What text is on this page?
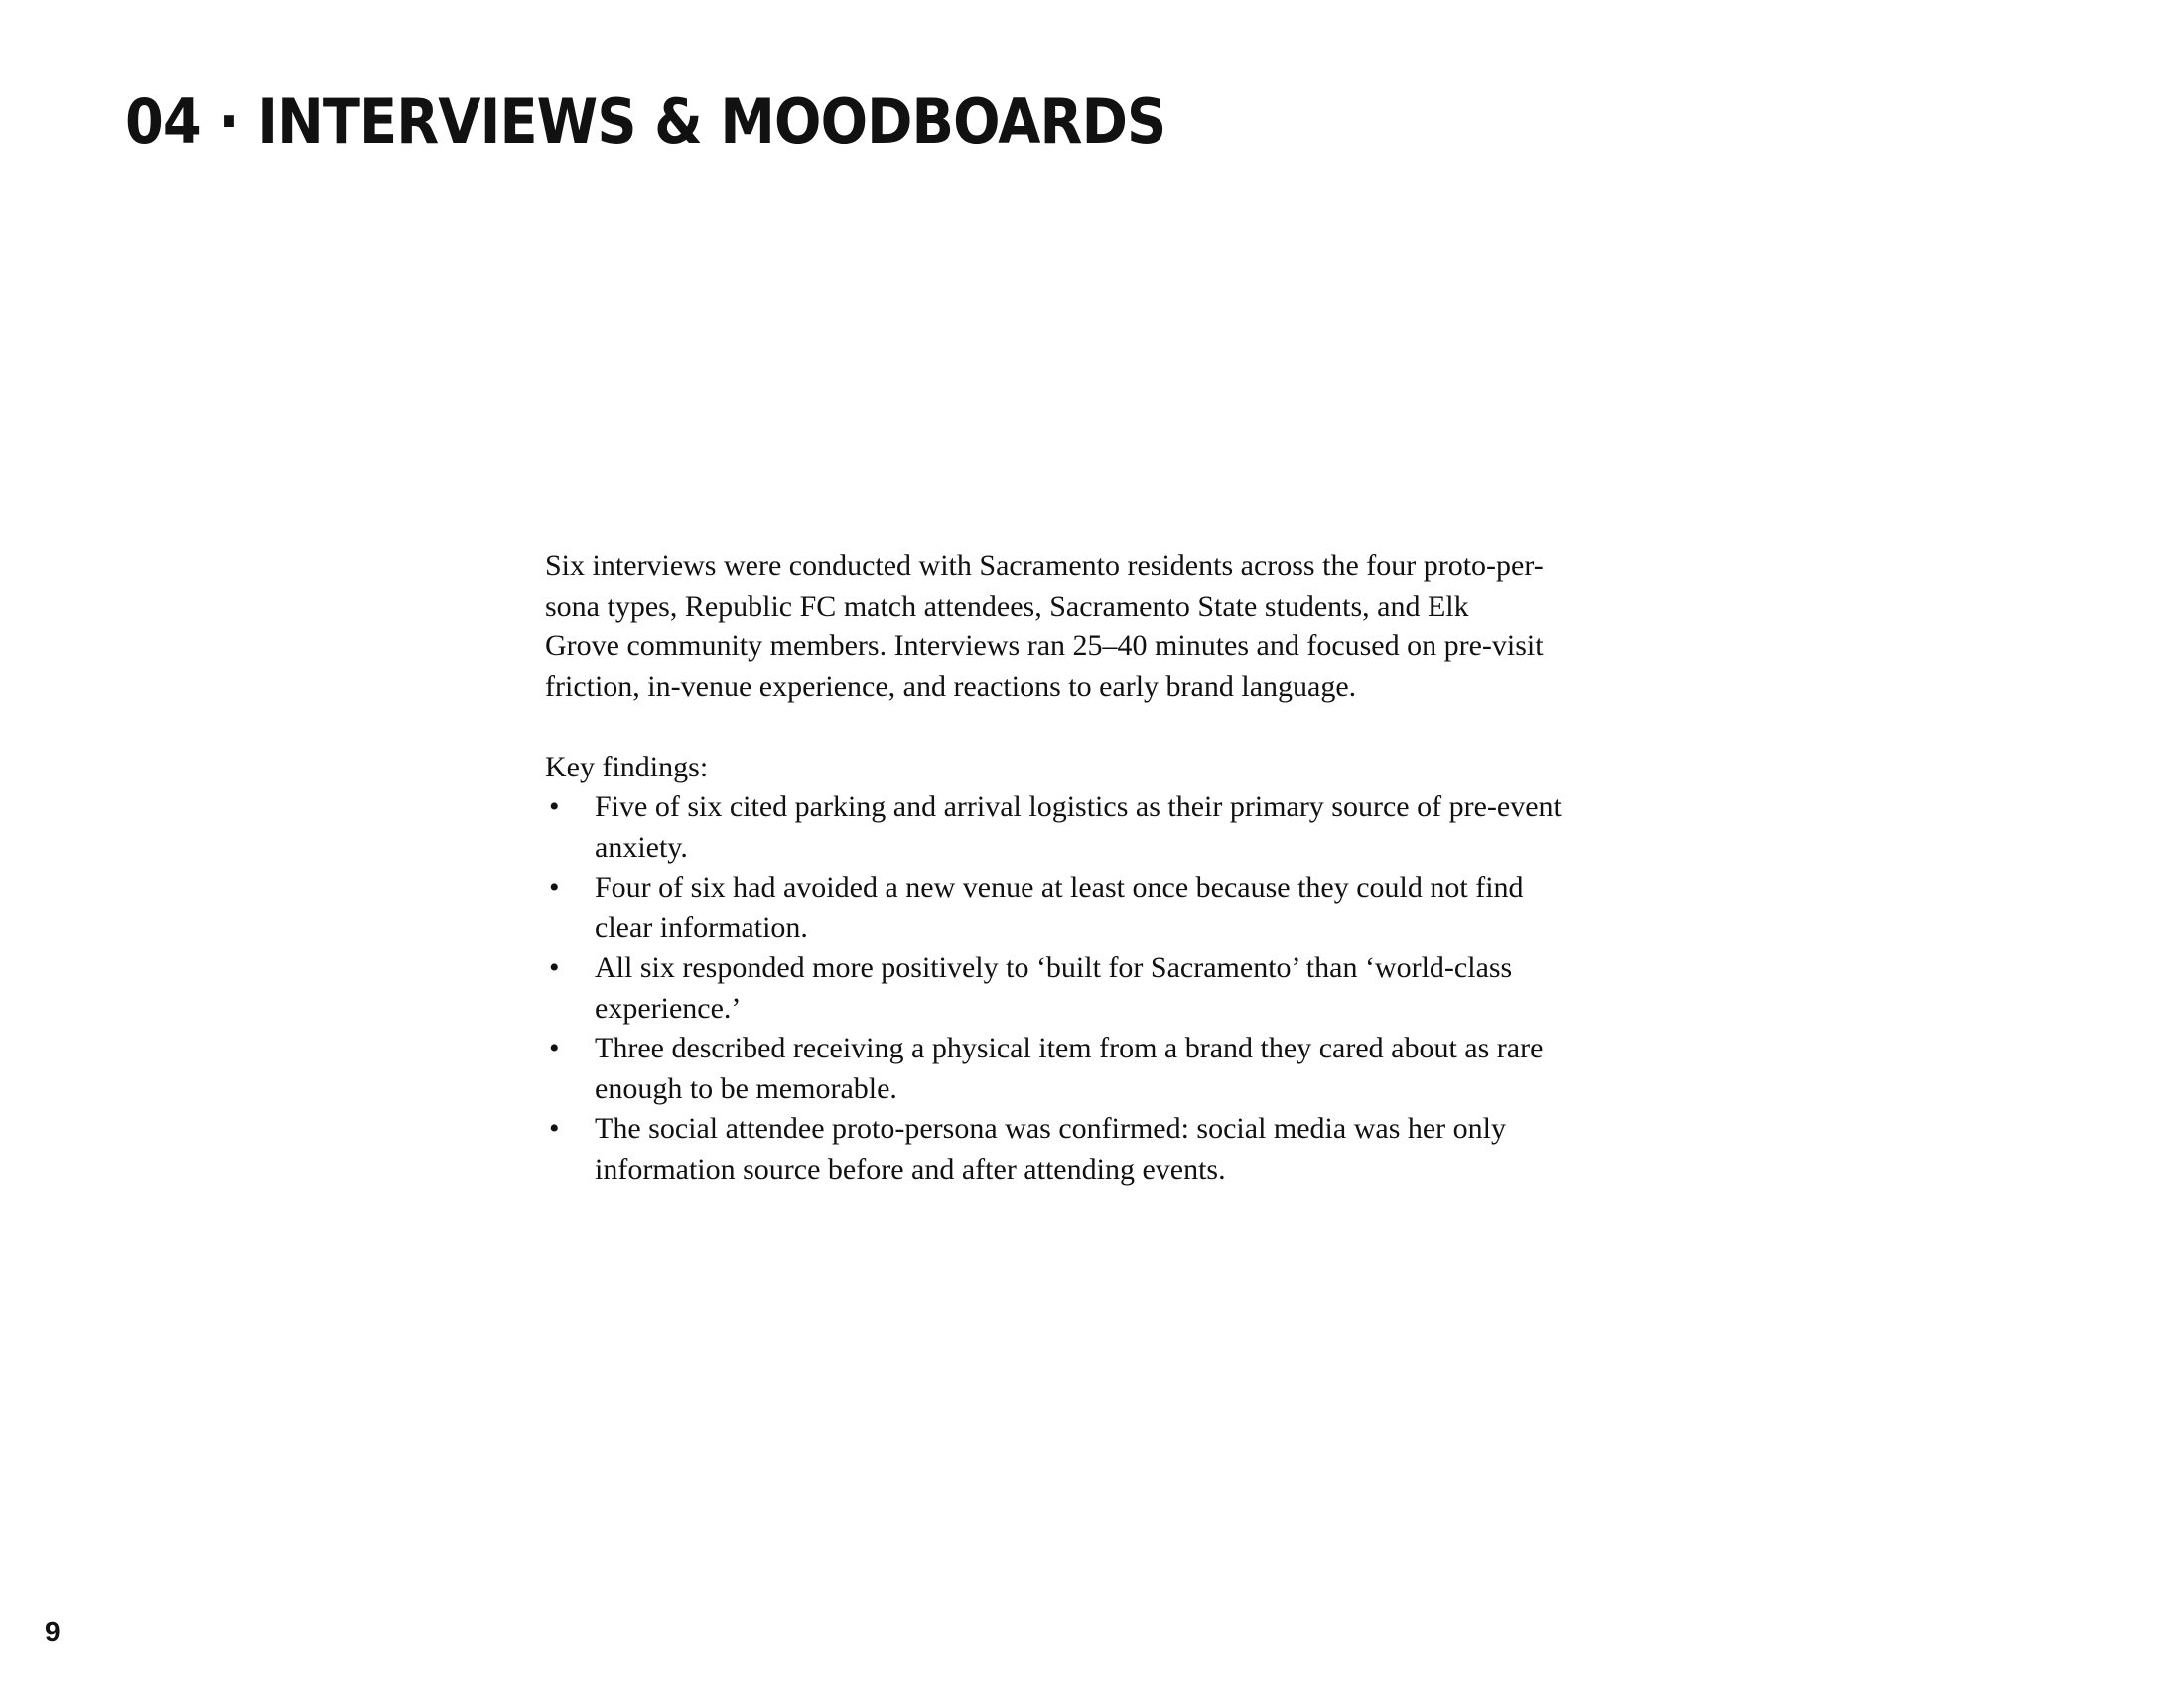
04 · INTERVIEWS & MOODBOARDS

Six interviews were conducted with Sacramento residents across the four proto-per-

sona types, Republic FC match attendees, Sacramento State students, and Elk

Grove community members. Interviews ran 25–40 minutes and focused on pre-visit

friction, in-venue experience, and reactions to early brand language.

Key findings:

• Five of six cited parking and arrival logistics as their primary source of pre-event
anxiety.
• Four of six had avoided a new venue at least once because they could not find
clear information.
• All six responded more positively to ‘built for Sacramento’ than ‘world-class
experience.’
• Three described receiving a physical item from a brand they cared about as rare
enough to be memorable.
• The social attendee proto-persona was confirmed: social media was her only
information source before and after attending events.
9
